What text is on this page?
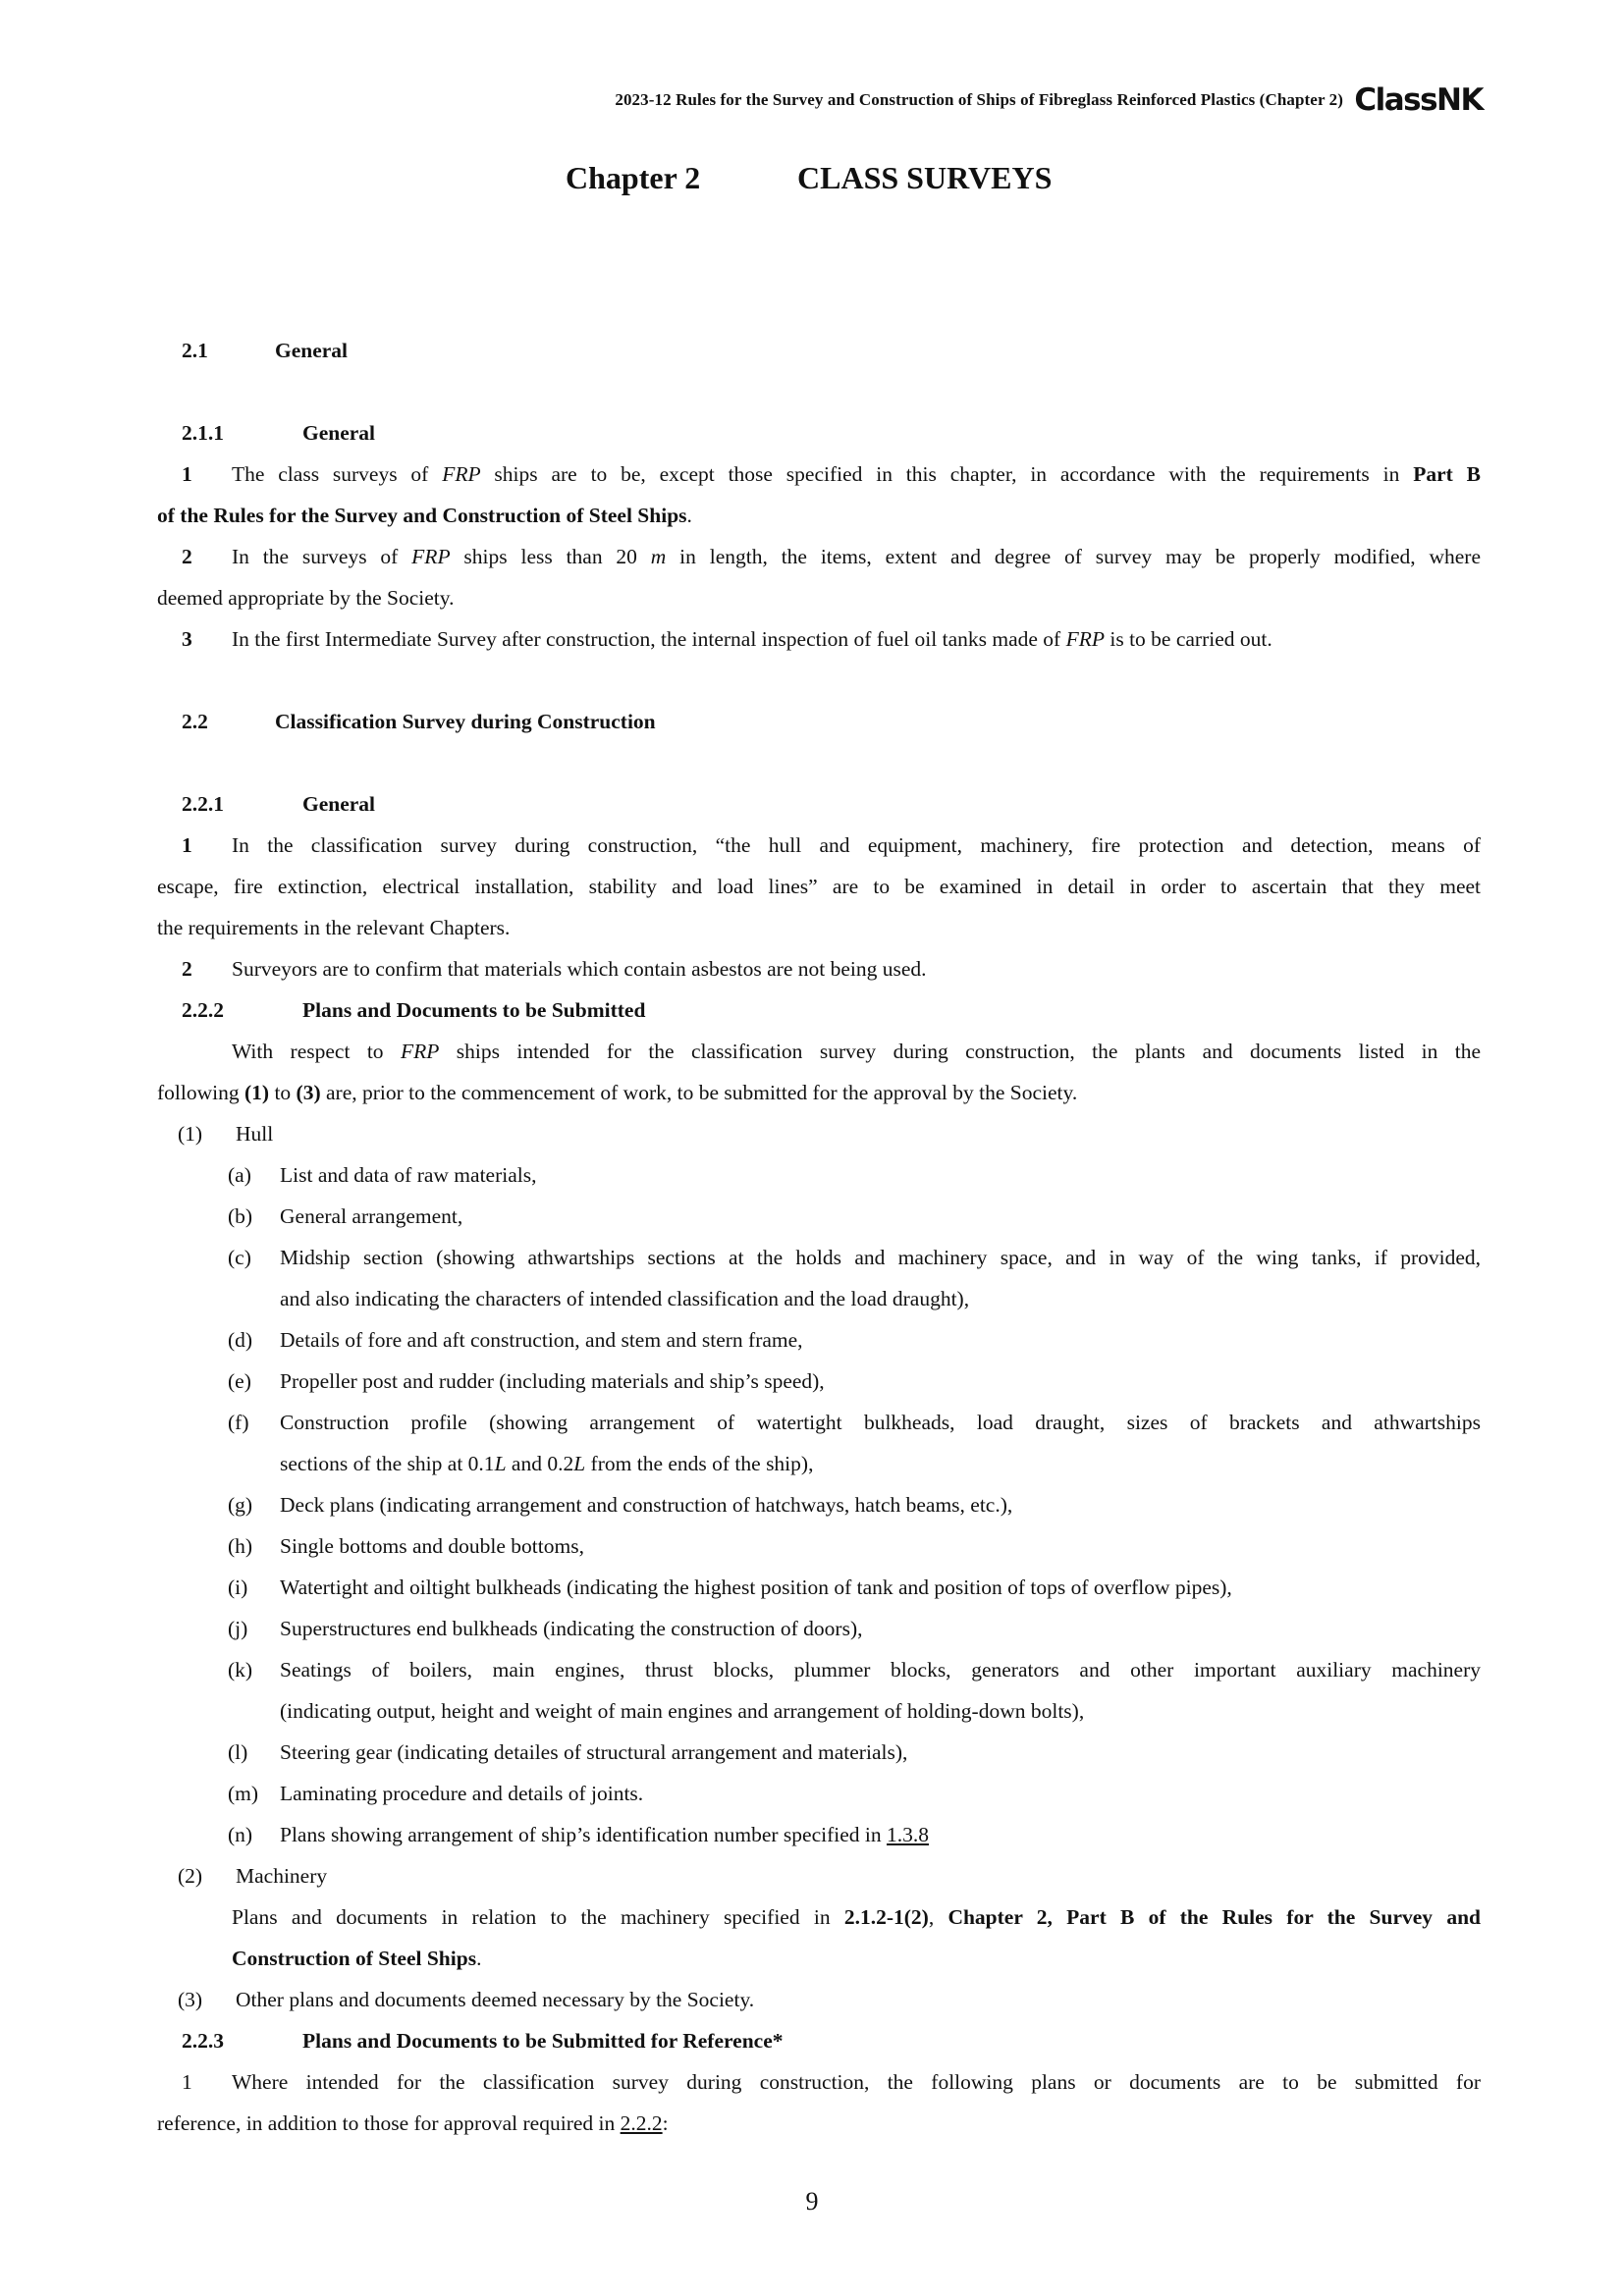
2023-12 Rules for the Survey and Construction of Ships of Fibreglass Reinforced Plastics (Chapter 2) ClassNK
Chapter 2	CLASS SURVEYS
2.1	General
2.1.1	General
1 The class surveys of FRP ships are to be, except those specified in this chapter, in accordance with the requirements in Part B
of the Rules for the Survey and Construction of Steel Ships.
2 In the surveys of FRP ships less than 20 m in length, the items, extent and degree of survey may be properly modified, where
deemed appropriate by the Society.
3 In the first Intermediate Survey after construction, the internal inspection of fuel oil tanks made of FRP is to be carried out.
2.2	Classification Survey during Construction
2.2.1	General
1 In the classification survey during construction, “the hull and equipment, machinery, fire protection and detection, means of
escape, fire extinction, electrical installation, stability and load lines” are to be examined in detail in order to ascertain that they meet
the requirements in the relevant Chapters.
2 Surveyors are to confirm that materials which contain asbestos are not being used.
2.2.2	Plans and Documents to be Submitted
With respect to FRP ships intended for the classification survey during construction, the plants and documents listed in the
following (1) to (3) are, prior to the commencement of work, to be submitted for the approval by the Society.
(1) Hull
(a) List and data of raw materials,
(b) General arrangement,
(c) Midship section (showing athwartships sections at the holds and machinery space, and in way of the wing tanks, if provided,
and also indicating the characters of intended classification and the load draught),
(d) Details of fore and aft construction, and stem and stern frame,
(e) Propeller post and rudder (including materials and ship’s speed),
(f) Construction profile (showing arrangement of watertight bulkheads, load draught, sizes of brackets and athwartships
sections of the ship at 0.1L and 0.2L from the ends of the ship),
(g) Deck plans (indicating arrangement and construction of hatchways, hatch beams, etc.),
(h) Single bottoms and double bottoms,
(i) Watertight and oiltight bulkheads (indicating the highest position of tank and position of tops of overflow pipes),
(j) Superstructures end bulkheads (indicating the construction of doors),
(k) Seatings of boilers, main engines, thrust blocks, plummer blocks, generators and other important auxiliary machinery
(indicating output, height and weight of main engines and arrangement of holding-down bolts),
(l) Steering gear (indicating detailes of structural arrangement and materials),
(m) Laminating procedure and details of joints.
(n) Plans showing arrangement of ship’s identification number specified in 1.3.8
(2) Machinery
Plans and documents in relation to the machinery specified in 2.1.2-1(2), Chapter 2, Part B of the Rules for the Survey and
Construction of Steel Ships.
(3) Other plans and documents deemed necessary by the Society.
2.2.3	Plans and Documents to be Submitted for Reference*
1 Where intended for the classification survey during construction, the following plans or documents are to be submitted for
reference, in addition to those for approval required in 2.2.2:
9
